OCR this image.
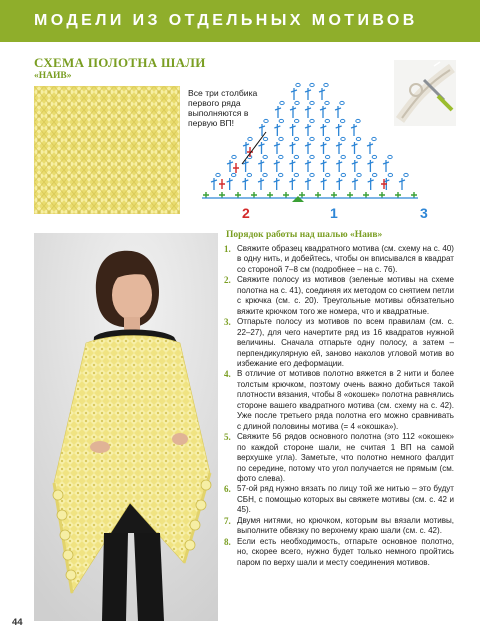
МОДЕЛИ ИЗ ОТДЕЛЬНЫХ МОТИВОВ
СХЕМА ПОЛОТНА ШАЛИ
«НАИВ»
Все три столбика первого ряда выполняются в первую ВП!
2	1	3
Порядок работы над шалью «Наив»
1. Свяжите образец квадратного мотива (см. схему на с. 40) в одну нить, и добейтесь, чтобы он вписывался в квадрат со стороной 7–8 см (подробнее – на с. 76).
2. Свяжите полосу из мотивов (зеленые мотивы на схеме полотна на с. 41), соединяя их методом со снятием петли с крючка (см. с. 20). Треугольные мотивы обязательно вяжите крючком того же номера, что и квадратные.
3. Отпарьте полосу из мотивов по всем правилам (см. с. 22–27), для чего начертите ряд из 16 квадратов нужной величины. Сначала отпарьте одну полосу, а затем – перпендикулярную ей, заново наколов угловой мотив во избежание его деформации.
4. В отличие от мотивов полотно вяжется в 2 нити и более толстым крючком, поэтому очень важно добиться такой плотности вязания, чтобы 8 «окошек» полотна равнялись стороне вашего квадратного мотива (см. схему на с. 42). Уже после третьего ряда полотна его можно сравнивать с длиной половины мотива (= 4 «окошка»).
5. Свяжите 56 рядов основного полотна (это 112 «окошек» по каждой стороне шали, не считая 1 ВП на самой верхушке угла). Заметьте, что полотно немного фалдит по середине, потому что угол получается не прямым (см. фото слева).
6. 57-ой ряд нужно вязать по лицу той же нитью – это будут СБН, с помощью которых вы свяжете мотивы (см. с. 42 и 45).
7. Двумя нитями, но крючком, которым вы вязали мотивы, выполните обвязку по верхнему краю шали (см. с. 42).
8. Если есть необходимость, отпарьте основное полотно, но, скорее всего, нужно будет только немного пройтись паром по верху шали и месту соединения мотивов.
44
